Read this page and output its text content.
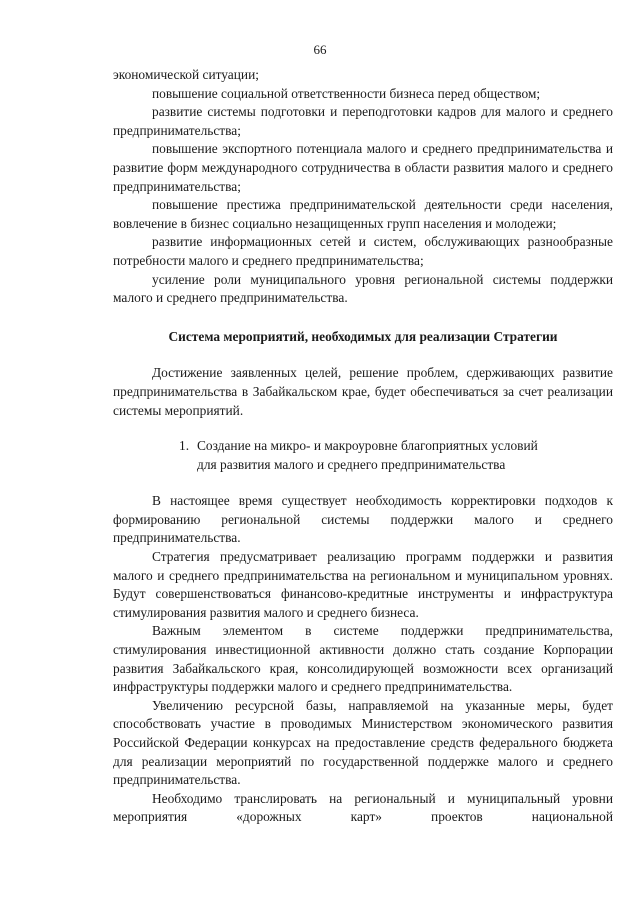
66

экономической ситуации;

повышение социальной ответственности бизнеса перед обществом;

развитие системы подготовки и переподготовки кадров для малого и среднего предпринимательства;

повышение экспортного потенциала малого и среднего предпринимательства и развитие форм международного сотрудничества в области развития малого и среднего предпринимательства;

повышение престижа предпринимательской деятельности среди населения, вовлечение в бизнес социально незащищенных групп населения и молодежи;

развитие информационных сетей и систем, обслуживающих разнообразные потребности малого и среднего предпринимательства;

усиление роли муниципального уровня региональной системы поддержки малого и среднего предпринимательства.

Система мероприятий, необходимых для реализации Стратегии

Достижение заявленных целей, решение проблем, сдерживающих развитие предпринимательства в Забайкальском крае, будет обеспечиваться за счет реализации системы мероприятий.

1. Создание на микро- и макроуровне благоприятных условий
для развития малого и среднего предпринимательства

В настоящее время существует необходимость корректировки подходов к формированию региональной системы поддержки малого и среднего предпринимательства.

Стратегия предусматривает реализацию программ поддержки и развития малого и среднего предпринимательства на региональном и муниципальном уровнях. Будут совершенствоваться финансово-кредитные инструменты и инфраструктура стимулирования развития малого и среднего бизнеса.

Важным элементом в системе поддержки предпринимательства, стимулирования инвестиционной активности должно стать создание Корпорации развития Забайкальского края, консолидирующей возможности всех организаций инфраструктуры поддержки малого и среднего предпринимательства.

Увеличению ресурсной базы, направляемой на указанные меры, будет способствовать участие в проводимых Министерством экономического развития Российской Федерации конкурсах на предоставление средств федерального бюджета для реализации мероприятий по государственной поддержке малого и среднего предпринимательства.

Необходимо транслировать на региональный и муниципальный уровни мероприятия «дорожных карт» проектов национальной
